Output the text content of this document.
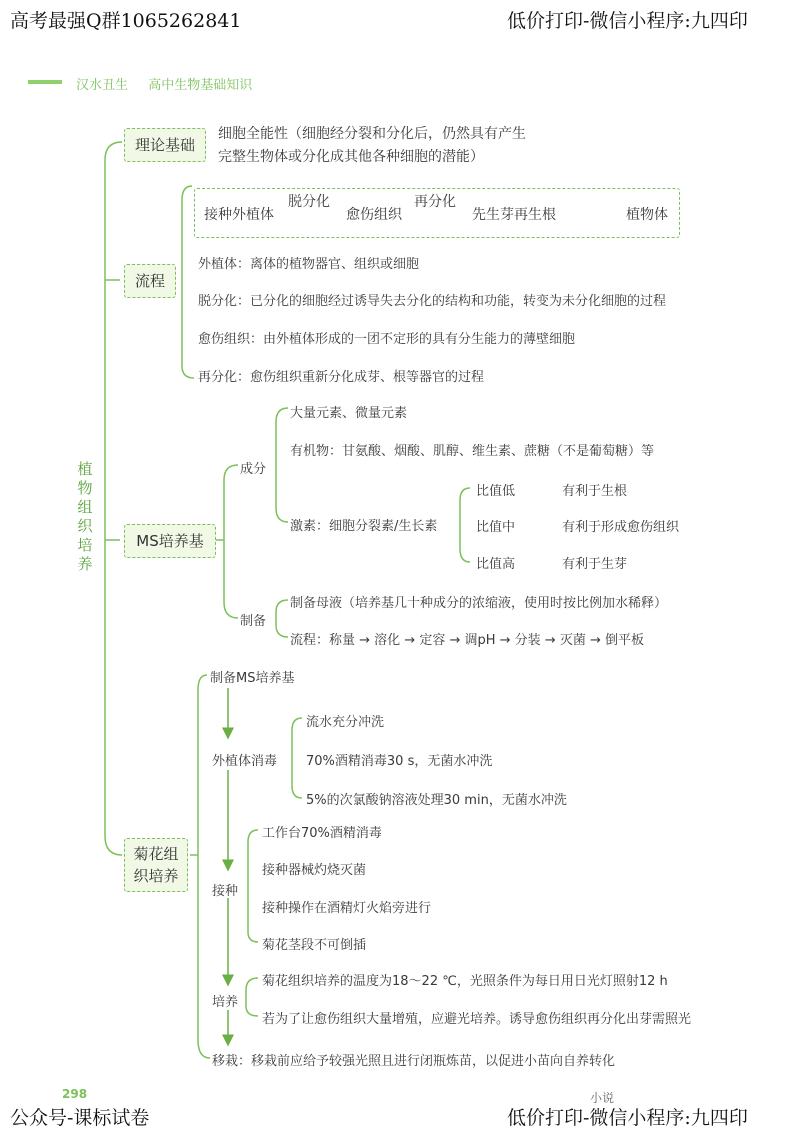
高考最强Q群1065262841	低价打印-微信小程序:九四印
公众号-课标试卷	低价打印-微信小程序:九四印
汉水丑生 高中生物基础知识
植物组织培养
理论基础
细胞全能性（细胞经分裂和分化后，仍然具有产生
完整生物体或分化成其他各种细胞的潜能）
流程
接种外植体
脱分化
愈伤组织
再分化
先生芽再生根	植物体
外植体：离体的植物器官、组织或细胞
脱分化：已分化的细胞经过诱导失去分化的结构和功能，转变为未分化细胞的过程
愈伤组织：由外植体形成的一团不定形的具有分生能力的薄壁细胞
再分化：愈伤组织重新分化成芽、根等器官的过程
MS培养基
成分
大量元素、微量元素
有机物：甘氨酸、烟酸、肌醇、维生素、蔗糖（不是葡萄糖）等
激素：细胞分裂素/生长素
比值低	有利于生根
比值中	有利于形成愈伤组织
比值高	有利于生芽
制备
制备母液（培养基几十种成分的浓缩液，使用时按比例加水稀释）
流程：称量 → 溶化 → 定容 → 调pH → 分装 → 灭菌 → 倒平板
菊花组
织培养
制备MS培养基
外植体消毒
流水充分冲洗
70%酒精消毒30 s，无菌水冲洗
5%的次氯酸钠溶液处理30 min，无菌水冲洗
接种
工作台70%酒精消毒
接种器械灼烧灭菌
接种操作在酒精灯火焰旁进行
菊花茎段不可倒插
培养
菊花组织培养的温度为18～22 ℃，光照条件为每日用日光灯照射12 h
若为了让愈伤组织大量增殖，应避光培养。诱导愈伤组织再分化出芽需照光
移栽：移栽前应给予较强光照且进行闭瓶炼苗，以促进小苗向自养转化
298	小说
